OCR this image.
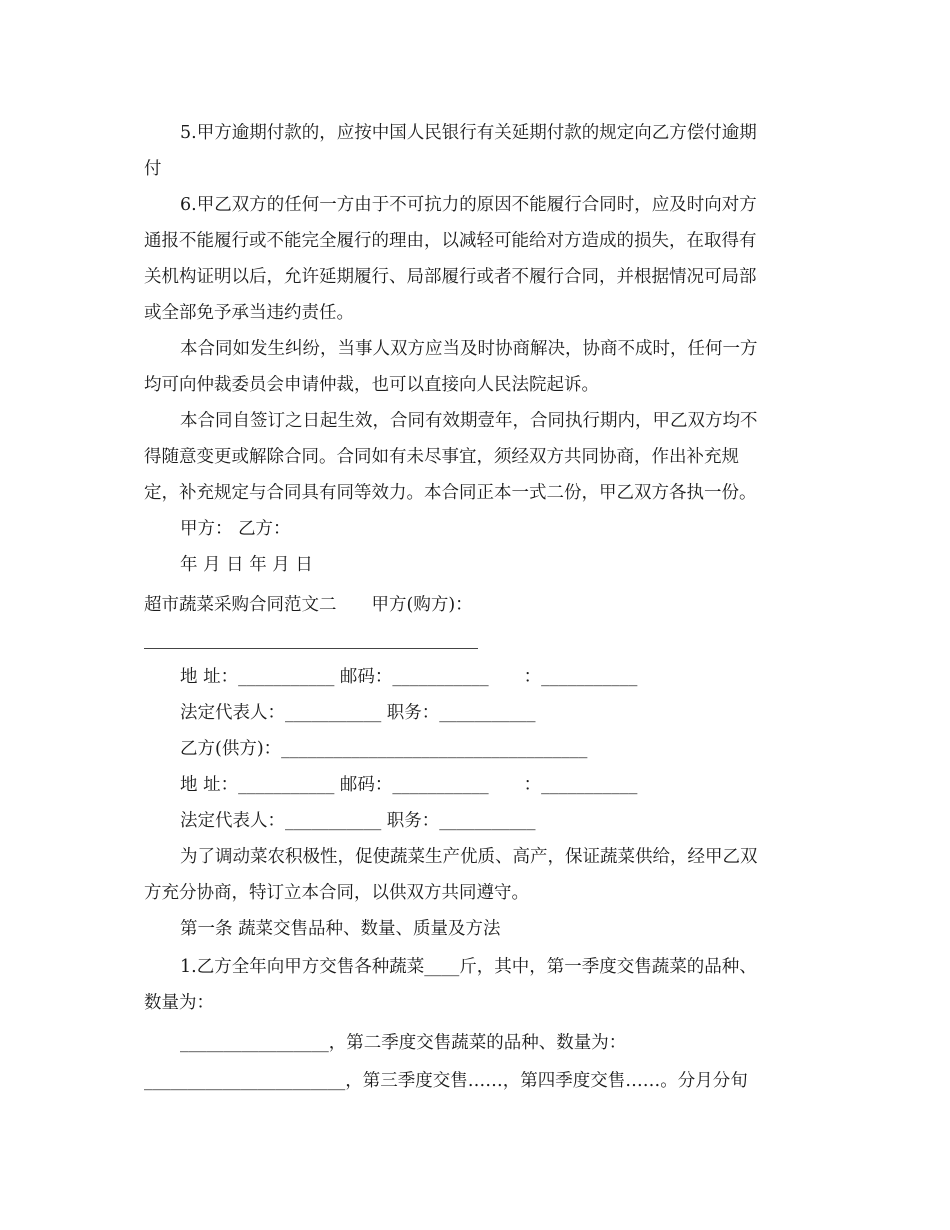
5.甲方逾期付款的，应按中国人民银行有关延期付款的规定向乙方偿付逾期
付
6.甲乙双方的任何一方由于不可抗力的原因不能履行合同时，应及时向对方
通报不能履行或不能完全履行的理由，以减轻可能给对方造成的损失，在取得有
关机构证明以后，允许延期履行、局部履行或者不履行合同，并根据情况可局部
或全部免予承当违约责任。
本合同如发生纠纷，当事人双方应当及时协商解决，协商不成时，任何一方
均可向仲裁委员会申请仲裁，也可以直接向人民法院起诉。
本合同自签订之日起生效，合同有效期壹年，合同执行期内，甲乙双方均不
得随意变更或解除合同。合同如有未尽事宜，须经双方共同协商，作出补充规
定，补充规定与合同具有同等效力。本合同正本一式二份，甲乙双方各执一份。
甲方： 乙方：
年 月 日 年 月 日
超市蔬菜采购合同范文二　　甲方(购方)：
地 址：___________ 邮码：___________　　：___________
法定代表人：___________ 职务：___________
乙方(供方)：___________________________________
地 址：___________ 邮码：___________　　：___________
法定代表人：___________ 职务：___________
为了调动菜农积极性，促使蔬菜生产优质、高产，保证蔬菜供给，经甲乙双
方充分协商，特订立本合同，以供双方共同遵守。
第一条 蔬菜交售品种、数量、质量及方法
1.乙方全年向甲方交售各种蔬菜____斤，其中，第一季度交售蔬菜的品种、
数量为：
_________________，第二季度交售蔬菜的品种、数量为：
_______________________，第三季度交售……，第四季度交售……。分月分旬
